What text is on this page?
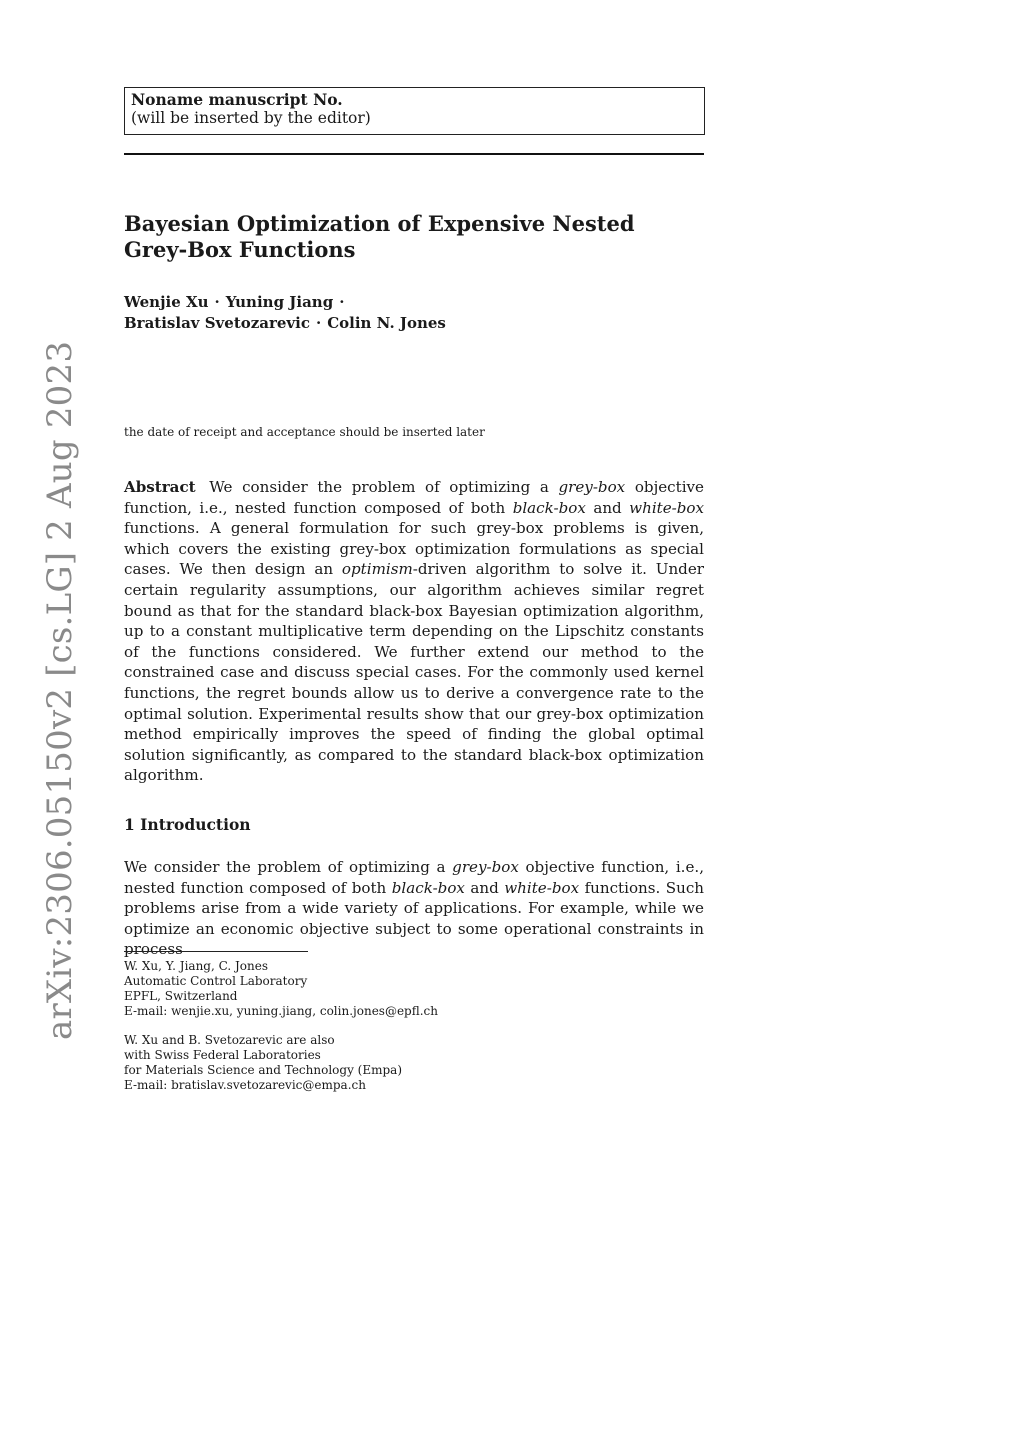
arXiv:2306.05150v2 [cs.LG] 2 Aug 2023
Noname manuscript No.
(will be inserted by the editor)
Bayesian Optimization of Expensive Nested
Grey-Box Functions
Wenjie Xu · Yuning Jiang ·
Bratislav Svetozarevic · Colin N. Jones
the date of receipt and acceptance should be inserted later

Abstract We consider the problem of optimizing a grey-box objective function, i.e., nested function composed of both black-box and white-box functions. A general formulation for such grey-box problems is given, which covers the existing grey-box optimization formulations as special cases. We then design an optimism-driven algorithm to solve it. Under certain regularity assumptions, our algorithm achieves similar regret bound as that for the standard black-box Bayesian optimization algorithm, up to a constant multiplicative term depending on the Lipschitz constants of the functions considered. We further extend our method to the constrained case and discuss special cases. For the commonly used kernel functions, the regret bounds allow us to derive a convergence rate to the optimal solution. Experimental results show that our grey-box optimization method empirically improves the speed of finding the global optimal solution significantly, as compared to the standard black-box optimization algorithm.

1 Introduction

We consider the problem of optimizing a grey-box objective function, i.e., nested function composed of both black-box and white-box functions. Such problems arise from a wide variety of applications. For example, while we optimize an economic objective subject to some operational constraints in process

W. Xu, Y. Jiang, C. Jones
Automatic Control Laboratory
EPFL, Switzerland
E-mail: wenjie.xu, yuning.jiang, colin.jones@epfl.ch
W. Xu and B. Svetozarevic are also
with Swiss Federal Laboratories
for Materials Science and Technology (Empa)
E-mail: bratislav.svetozarevic@empa.ch
